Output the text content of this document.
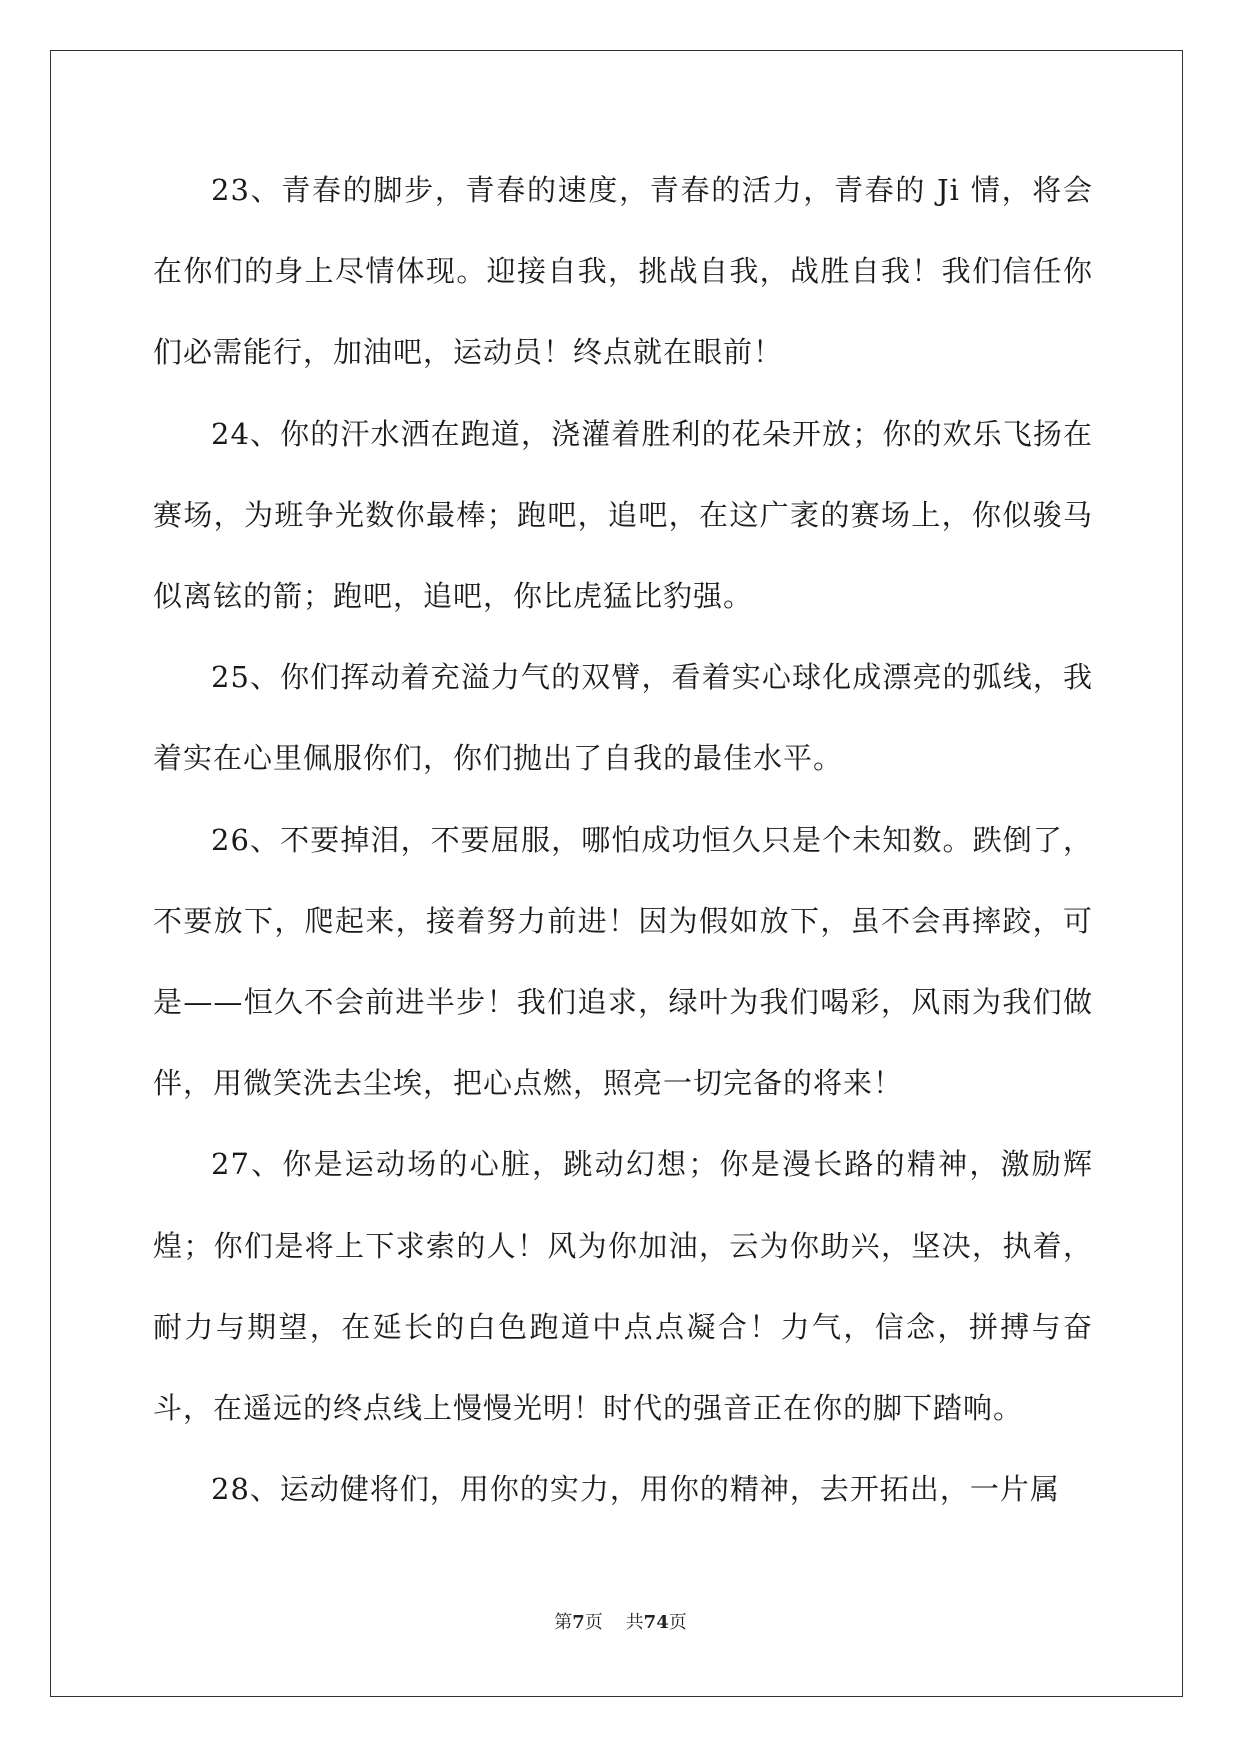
23、青春的脚步，青春的速度，青春的活力，青春的 Ji 情，将会在你们的身上尽情体现。迎接自我，挑战自我，战胜自我！我们信任你们必需能行，加油吧，运动员！终点就在眼前！

24、你的汗水洒在跑道，浇灌着胜利的花朵开放；你的欢乐飞扬在赛场，为班争光数你最棒；跑吧，追吧，在这广袤的赛场上，你似骏马似离铉的箭；跑吧，追吧，你比虎猛比豹强。

25、你们挥动着充溢力气的双臂，看着实心球化成漂亮的弧线，我着实在心里佩服你们，你们抛出了自我的最佳水平。

26、不要掉泪，不要屈服，哪怕成功恒久只是个未知数。跌倒了，不要放下，爬起来，接着努力前进！因为假如放下，虽不会再摔跤，可是——恒久不会前进半步！我们追求，绿叶为我们喝彩，风雨为我们做伴，用微笑洗去尘埃，把心点燃，照亮一切完备的将来！

27、你是运动场的心脏，跳动幻想；你是漫长路的精神，激励辉煌；你们是将上下求索的人！风为你加油，云为你助兴，坚决，执着，耐力与期望，在延长的白色跑道中点点凝合！力气，信念，拼搏与奋斗，在遥远的终点线上慢慢光明！时代的强音正在你的脚下踏响。

28、运动健将们，用你的实力，用你的精神，去开拓出，一片属

第7页 共74页
